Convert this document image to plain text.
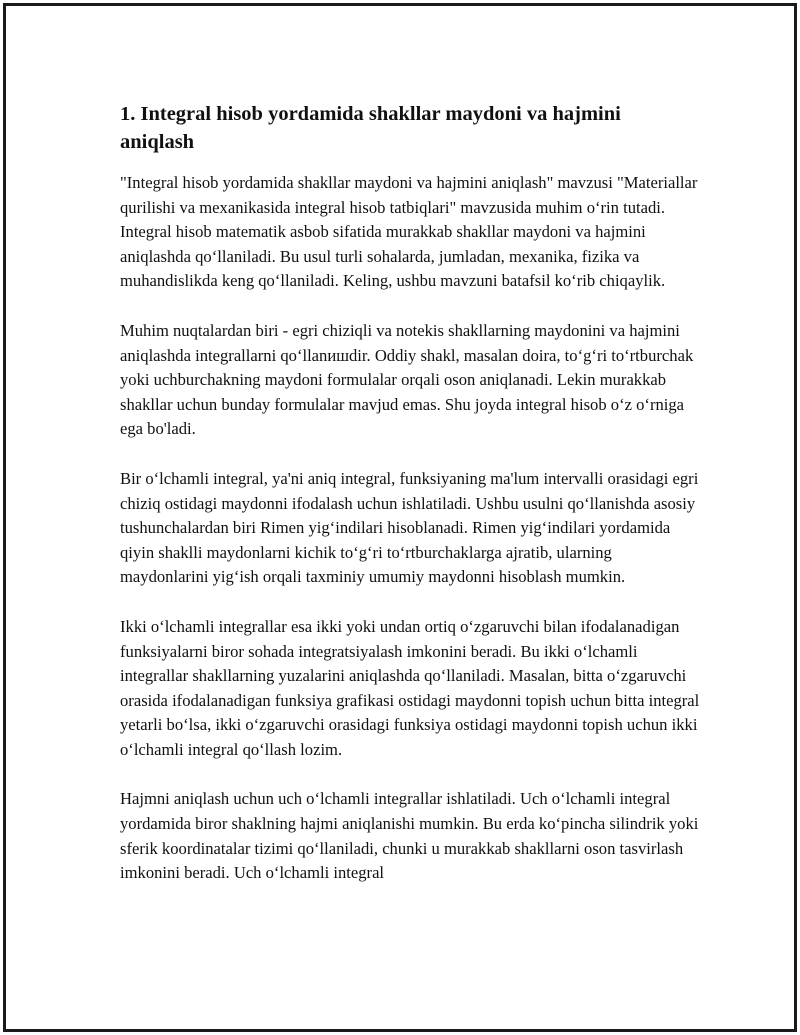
1. Integral hisob yordamida shakllar maydoni va hajmini aniqlash

"Integral hisob yordamida shakllar maydoni va hajmini aniqlash" mavzusi "Materiallar qurilishi va mexanikasida integral hisob tatbiqlari" mavzusida muhim oʻrin tutadi. Integral hisob matematik asbob sifatida murakkab shakllar maydoni va hajmini aniqlashda qoʻllaniladi. Bu usul turli sohalarda, jumladan, mexanika, fizika va muhandislikda keng qoʻllaniladi. Keling, ushbu mavzuni batafsil koʻrib chiqaylik.

Muhim nuqtalardan biri - egri chiziqli va notekis shakllarning maydonini va hajmini aniqlashda integrallarni qoʻllanишdir. Oddiy shakl, masalan doira, toʻgʻri toʻrtburchak yoki uchburchakning maydoni formulalar orqali oson aniqlanadi. Lekin murakkab shakllar uchun bunday formulalar mavjud emas. Shu joyda integral hisob oʻz oʻrniga ega bo'ladi.

Bir oʻlchamli integral, ya'ni aniq integral, funksiyaning ma'lum intervalli orasidagi egri chiziq ostidagi maydonni ifodalash uchun ishlatiladi. Ushbu usulni qoʻllanishda asosiy tushunchalardan biri Rimen yigʻindilari hisoblanadi. Rimen yigʻindilari yordamida qiyin shaklli maydonlarni kichik toʻgʻri toʻrtburchaklarga ajratib, ularning maydonlarini yigʻish orqali taxminiy umumiy maydonni hisoblash mumkin.

Ikki oʻlchamli integrallar esa ikki yoki undan ortiq oʻzgaruvchi bilan ifodalanadigan funksiyalarni biror sohada integratsiyalash imkonini beradi. Bu ikki oʻlchamli integrallar shakllarning yuzalarini aniqlashda qoʻllaniladi. Masalan, bitta oʻzgaruvchi orasida ifodalanadigan funksiya grafikasi ostidagi maydonni topish uchun bitta integral yetarli boʻlsa, ikki oʻzgaruvchi orasidagi funksiya ostidagi maydonni topish uchun ikki oʻlchamli integral qoʻllash lozim.

Hajmni aniqlash uchun uch oʻlchamli integrallar ishlatiladi. Uch oʻlchamli integral yordamida biror shaklning hajmi aniqlanishi mumkin. Bu erda koʻpincha silindrik yoki sferik koordinatalar tizimi qoʻllaniladi, chunki u murakkab shakllarni oson tasvirlash imkonini beradi. Uch oʻlchamli integral
